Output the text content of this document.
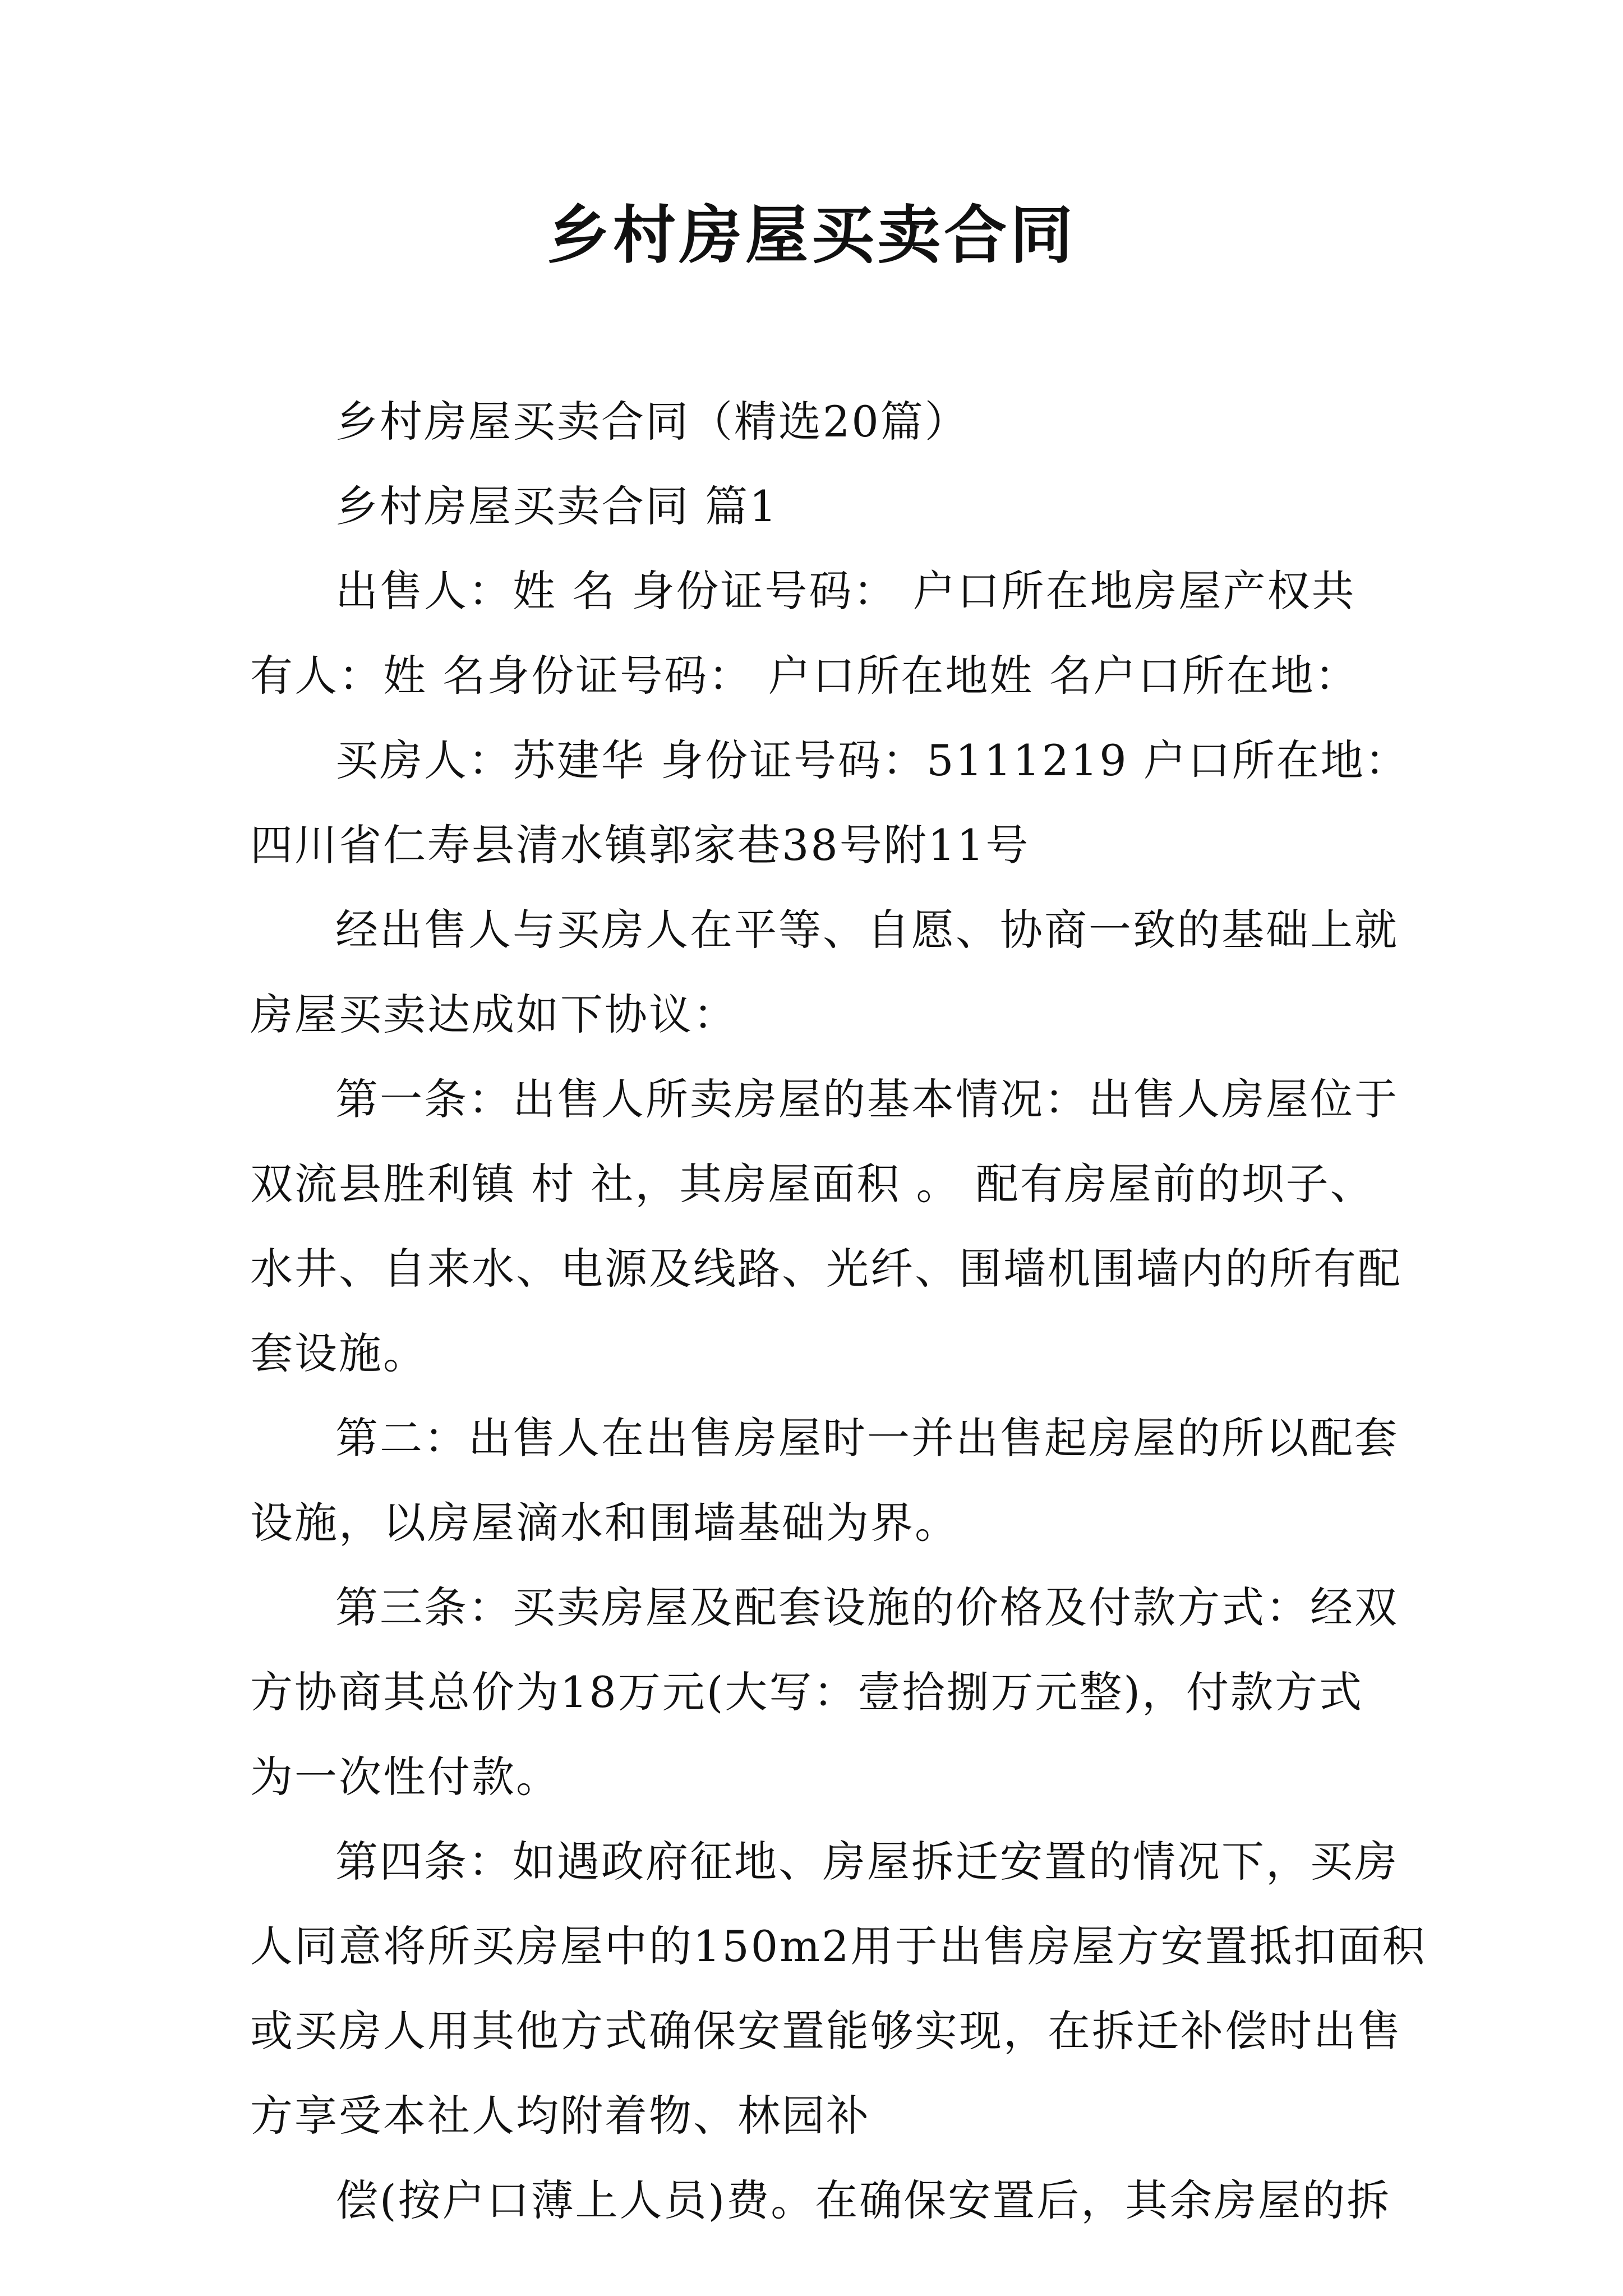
乡村房屋买卖合同

乡村房屋买卖合同（精选20篇）

乡村房屋买卖合同 篇1

出售人：姓 名 身份证号码： 户口所在地房屋产权共
有人：姓 名身份证号码： 户口所在地姓 名户口所在地：

买房人：苏建华 身份证号码：5111219 户口所在地：
四川省仁寿县清水镇郭家巷38号附11号

经出售人与买房人在平等、自愿、协商一致的基础上就
房屋买卖达成如下协议：

第一条：出售人所卖房屋的基本情况：出售人房屋位于
双流县胜利镇 村 社，其房屋面积 。 配有房屋前的坝子、
水井、自来水、电源及线路、光纤、围墙机围墙内的所有配
套设施。

第二：出售人在出售房屋时一并出售起房屋的所以配套
设施，以房屋滴水和围墙基础为界。

第三条：买卖房屋及配套设施的价格及付款方式：经双
方协商其总价为18万元(大写：壹拾捌万元整)，付款方式
为一次性付款。

第四条：如遇政府征地、房屋拆迁安置的情况下，买房
人同意将所买房屋中的150m2用于出售房屋方安置抵扣面积
或买房人用其他方式确保安置能够实现，在拆迁补偿时出售
方享受本社人均附着物、林园补

偿(按户口薄上人员)费。在确保安置后，其余房屋的拆
